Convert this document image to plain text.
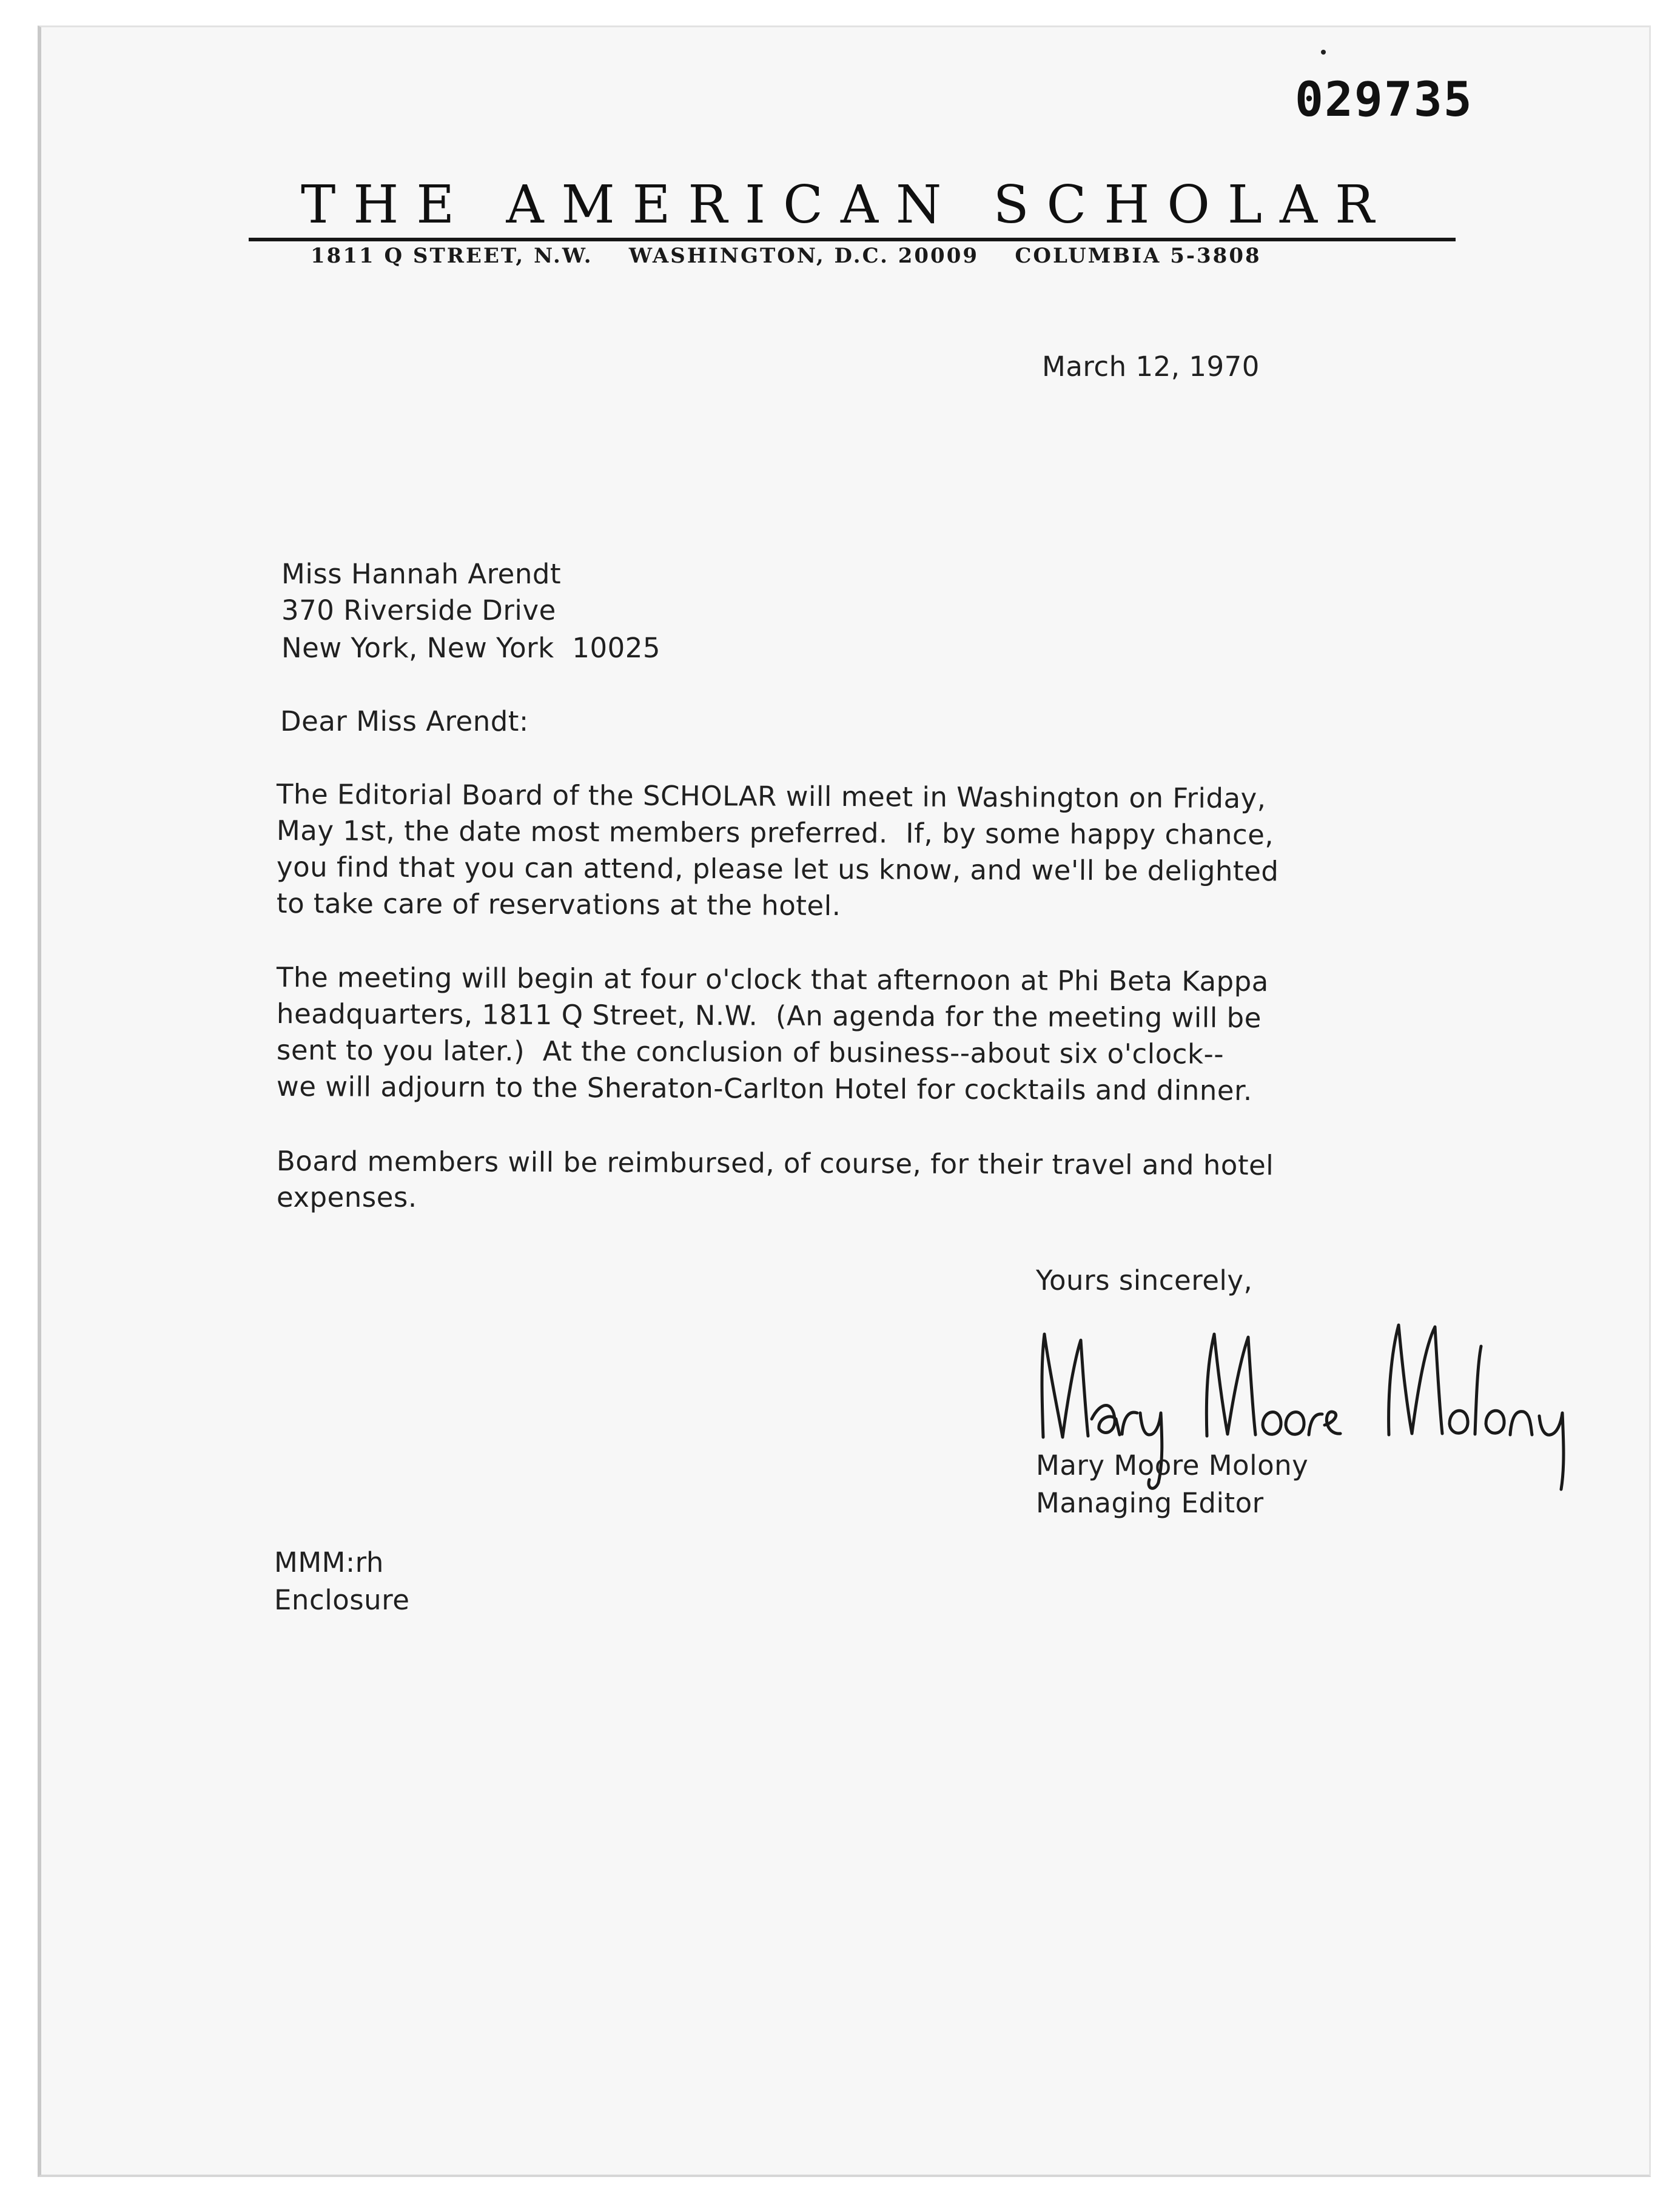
029735
THE AMERICAN SCHOLAR
1811 Q STREET, N.W.    WASHINGTON, D.C. 20009    COLUMBIA 5-3808
March 12, 1970
Miss Hannah Arendt
370 Riverside Drive
New York, New York  10025
Dear Miss Arendt:
The Editorial Board of the SCHOLAR will meet in Washington on Friday,
May 1st, the date most members preferred.  If, by some happy chance,
you find that you can attend, please let us know, and we'll be delighted
to take care of reservations at the hotel.
The meeting will begin at four o'clock that afternoon at Phi Beta Kappa
headquarters, 1811 Q Street, N.W.  (An agenda for the meeting will be
sent to you later.)  At the conclusion of business--about six o'clock--
we will adjourn to the Sheraton-Carlton Hotel for cocktails and dinner.
Board members will be reimbursed, of course, for their travel and hotel
expenses.
Yours sincerely,
Mary Moore Molony
Managing Editor
MMM:rh
Enclosure
